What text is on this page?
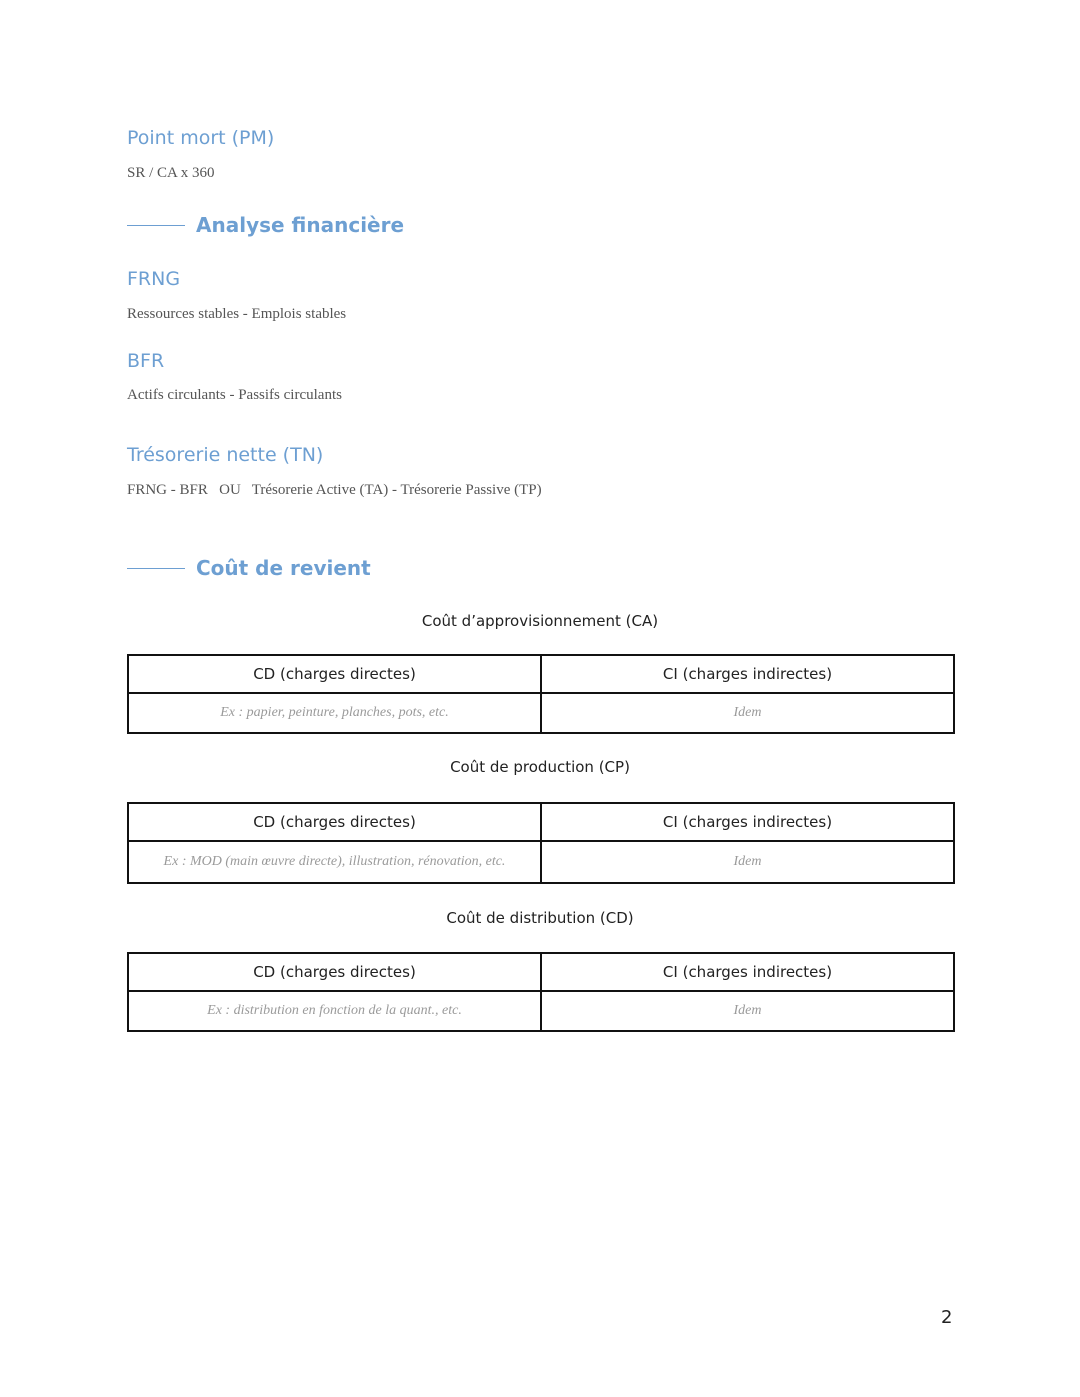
Point mort (PM)
SR / CA x 360
Analyse financière
FRNG
Ressources stables - Emplois stables
BFR
Actifs circulants - Passifs circulants
Trésorerie nette (TN)
FRNG - BFR   OU   Trésorerie Active (TA) - Trésorerie Passive (TP)
Coût de revient
Coût d’approvisionnement (CA)
CD (charges directes)	CI (charges indirectes)
Ex : papier, peinture, planches, pots, etc.	Idem
Coût de production (CP)
CD (charges directes)	CI (charges indirectes)
Ex : MOD (main œuvre directe), illustration, rénovation, etc.	Idem
Coût de distribution (CD)
CD (charges directes)	CI (charges indirectes)
Ex : distribution en fonction de la quant., etc.	Idem
2
